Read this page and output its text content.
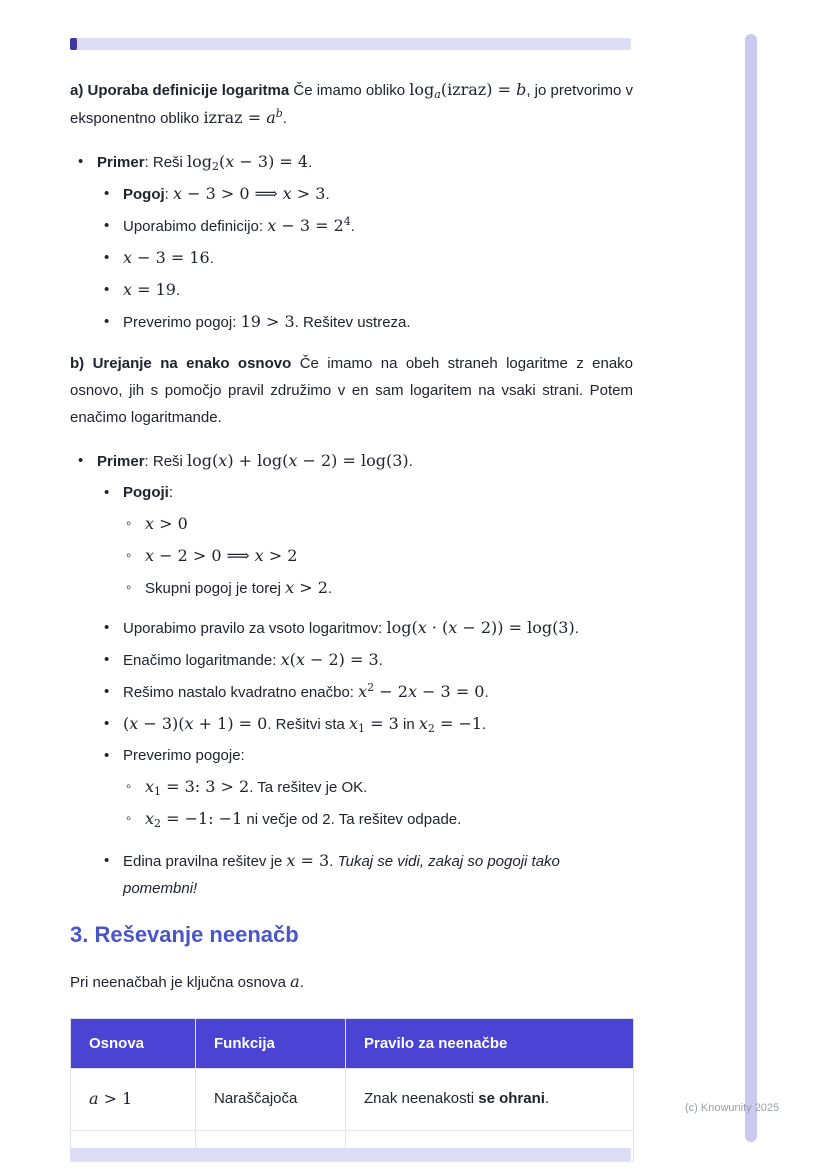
a) Uporaba definicije logaritma Če imamo obliko $\log_a(izraz) = b$, jo pretvorimo v eksponentno obliko izraz = $a^b$.

• Primer: Reši $\log_2(x - 3) = 4$.
• Pogoj: x − 3 > 0 ⟹ x > 3.
• Uporabimo definicijo: $x - 3 = 2^4$.
• x − 3 = 16.
• x = 19.
• Preverimo pogoj: 19 > 3. Rešitev ustreza.

b) Urejanje na enako osnovo Če imamo na obeh straneh logaritme z enako osnovo, jih s pomočjo pravil združimo v en sam logaritem na vsaki strani. Potem enačimo logaritmande.

• Primer: Reši log(x) + log(x − 2) = log(3).
• Pogoji:
◦ x > 0
◦ x − 2 > 0 ⟹ x > 2
◦ Skupni pogoj je torej x > 2.
• Uporabimo pravilo za vsoto logaritmov: log(x · (x − 2)) = log(3).
• Enačimo logaritmande: x(x − 2) = 3.
• Rešimo nastalo kvadratno enačbo: $x^2 - 2x - 3 = 0$.
• (x − 3)(x + 1) = 0. Rešitvi sta $x_1 = 3$ in $x_2 = -1$.
• Preverimo pogoje:
◦ $x_1 = 3$: 3 > 2. Ta rešitev je OK.
◦ $x_2 = -1$: −1 ni večje od 2. Ta rešitev odpade.
• Edina pravilna rešitev je x = 3. Tukaj se vidi, zakaj so pogoji tako pomembni!
3. Reševanje neenačb

Pri neenačbah je ključna osnova a.

Osnova	Funkcija	Pravilo za neenačbe
a > 1	Naraščajoča	Znak neenakosti se ohrani.

(c) Knowunity 2025
